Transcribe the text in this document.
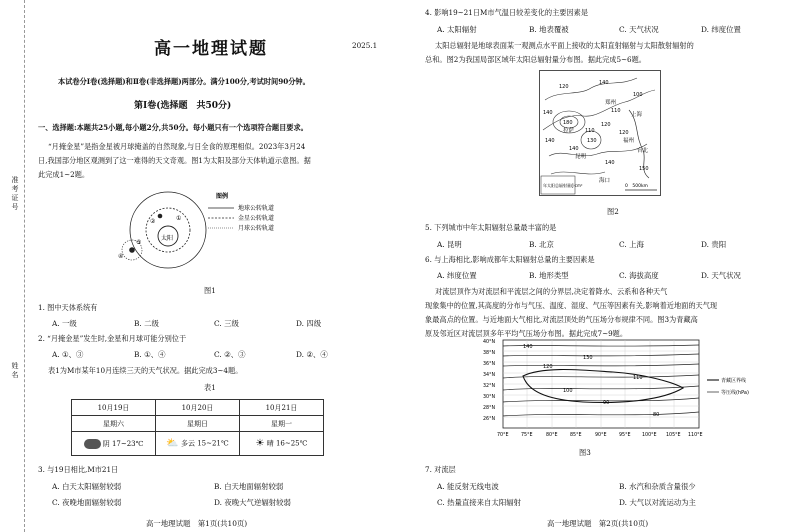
准考证号
姓名
高一地理试题	2025.1
本试卷分Ⅰ卷(选择题)和Ⅱ卷(非选择题)两部分。满分100分,考试时间90分钟。
第Ⅰ卷(选择题　共50分)
一、选择题:本题共25小题,每小题2分,共50分。每小题只有一个选项符合题目要求。
“月掩金星”是指金星被月球掩盖的自然现象,与日全食的原理相似。2023年3月24
日,我国部分地区观测到了这一难得的天文奇观。图1为太阳及部分天体轨道示意图。据
此完成1~2题。
太阳
①
②
③
④
图例
地球公转轨道
金星公转轨道
月球公转轨道
图1
1. 图中天体系统有
A. 一级	B. 二级	C. 三级	D. 四级
2. “月掩金星”发生时,金星和月球可能分别位于
A. ①、③	B. ①、④	C. ②、③	D. ②、④
表1为M市某年10月连续三天的天气状况。据此完成3~4题。
表1
10月19日	10月20日	10月21日
星期六	星期日	星期一
阴 17~23℃	⛅ 多云 15~21℃	☀ 晴 16~25℃
3. 与19日相比,M市21日
A. 白天太阳辐射较弱	B. 白天地面辐射较弱
C. 夜晚地面辐射较弱	D. 夜晚大气逆辐射较弱
高一地理试题　第1页(共10页)
4. 影响19~21日M市气温日较差变化的主要因素是
A. 太阳辐射	B. 地表覆被	C. 天气状况	D. 纬度位置
太阳总辐射是地球表面某一观测点水平面上接收的太阳直射辐射与太阳散射辐射的
总和。图2为我国局部区域年太阳总辐射量分布图。据此完成5~6题。
120
140
100
140	110
180	120
140
120
140
130
140
150
110
拉萨
郑州
上海
昆明
福州
台北
海口
年太阳总辐射量/J·cm²	0　500km
图2
5. 下列城市中年太阳辐射总量最丰富的是
A. 昆明	B. 北京	C. 上海	D. 贵阳
6. 与上海相比,影响成都年太阳辐射总量的主要因素是
A. 纬度位置	B. 地形类型	C. 海拔高度	D. 天气状况
对流层顶作为对流层和平流层之间的分界层,决定着降水、云系和各种天气
现象集中的位置,其高度的分布与气压、温度、湿度、气压等因素有关,影响着近地面的天气现
象最高点的位置。与近地面大气相比,对流层顶处的气压场分布规律不同。图3为青藏高
原及邻近区对流层顶多年平均气压场分布图。据此完成7~9题。
140
130
120
110
100
90
80
40°N
38°N
36°N
34°N
32°N
30°N
28°N
26°N
70°E	75°E	80°E	85°E	90°E	95°E 100°E 105°E 110°E
青藏区界线
等压线(hPa)
图3
7. 对流层
A. 能反射无线电波	B. 水汽和杂质含量很少
C. 热量直接来自太阳辐射	D. 大气以对流运动为主
高一地理试题　第2页(共10页)
